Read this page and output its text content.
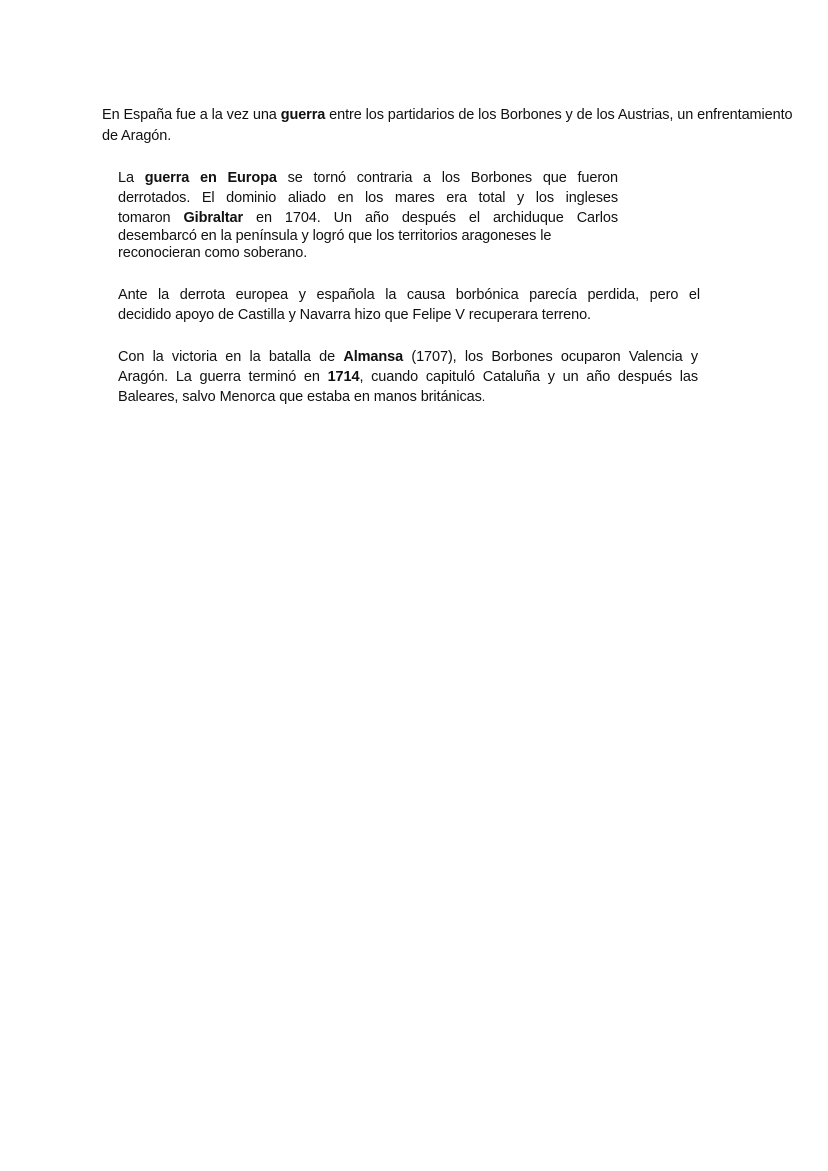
En España fue a la vez una guerra entre los partidarios de los Borbones y de los Austrias, un enfrentamiento
de Aragón.
La guerra en Europa se tornó contraria a los Borbones que fueron
derrotados. El dominio aliado en los mares era total y los ingleses
tomaron Gibraltar en 1704. Un año después el archiduque Carlos
desembarcó en la península y logró que los territorios aragoneses le
reconocieran como soberano.
Ante la derrota europea y española la causa borbónica parecía perdida, pero el
decidido apoyo de Castilla y Navarra hizo que Felipe V recuperara terreno.
Con la victoria en la batalla de Almansa (1707), los Borbones ocuparon Valencia y
Aragón. La guerra terminó en 1714, cuando capituló Cataluña y un año después las
Baleares, salvo Menorca que estaba en manos británicas.
